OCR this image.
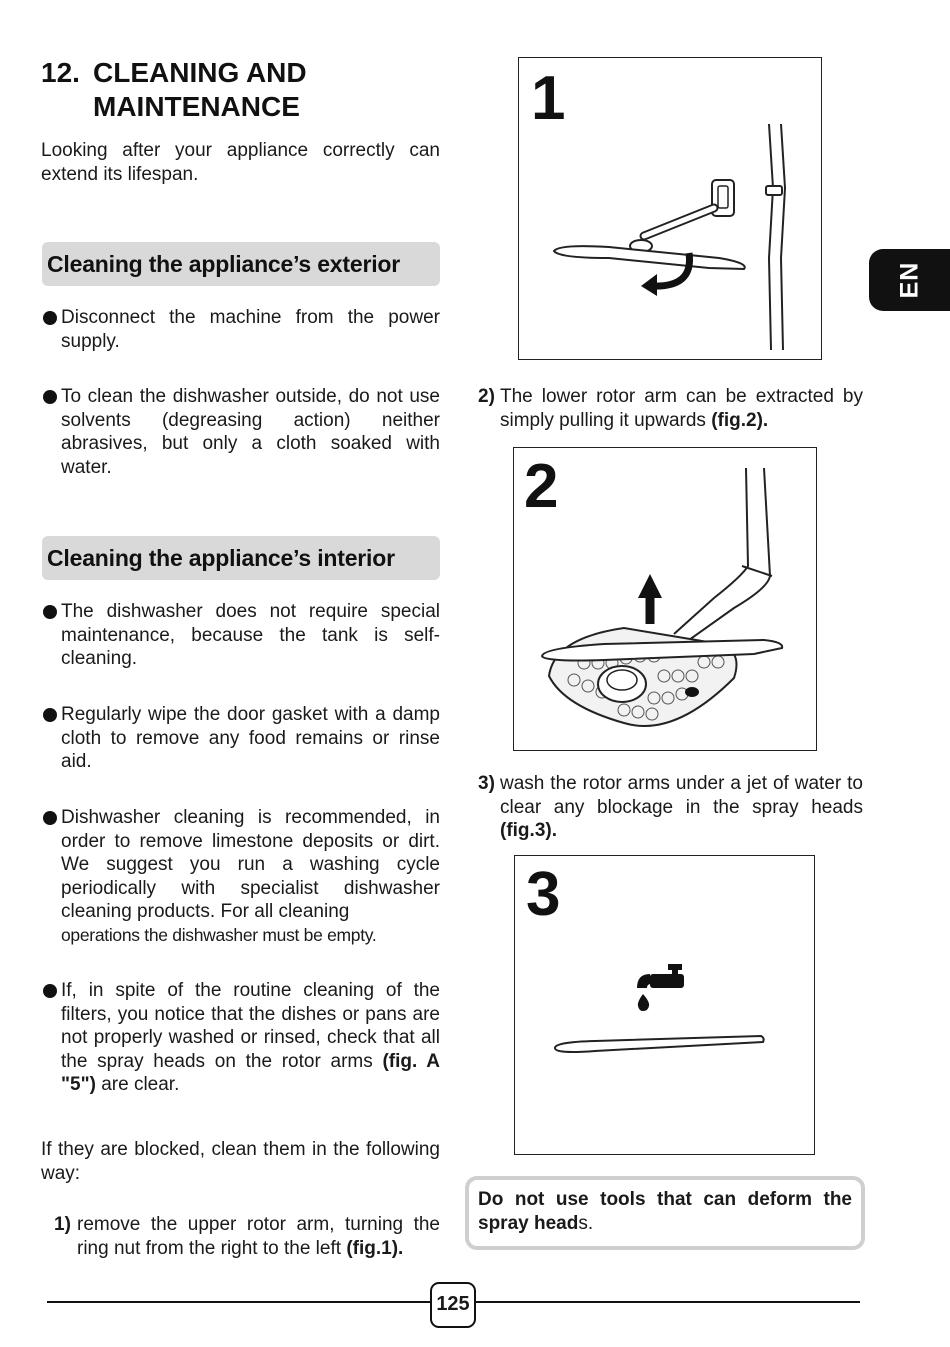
12. CLEANING AND
MAINTENANCE

Looking after your appliance correctly can extend its lifespan.

Cleaning the appliance’s exterior
Disconnect the machine from the power supply.
To clean the dishwasher outside, do not use solvents (degreasing action) neither abrasives, but only a cloth soaked with water.
Cleaning the appliance’s interior
The dishwasher does not require special maintenance, because the tank is self-cleaning.
Regularly wipe the door gasket with a damp cloth to remove any food remains or rinse aid.
Dishwasher cleaning is recommended, in order to remove limestone deposits or dirt. We suggest you run a washing cycle periodically with specialist dishwasher cleaning products. For all cleaning
operations the dishwasher must be empty.
If, in spite of the routine cleaning of the filters, you notice that the dishes or pans are not properly washed or rinsed, check that all the spray heads on the rotor arms (fig. A "5") are clear.

If they are blocked, clean them in the following way:

1) remove the upper rotor arm, turning the ring nut from the right to the left (fig.1).
1
2) The lower rotor arm can be extracted by simply pulling it upwards (fig.2).
2
3) wash the rotor arms under a jet of water to clear any blockage in the spray heads (fig.3).
3
Do not use tools that can deform the spray heads.
EN
125
